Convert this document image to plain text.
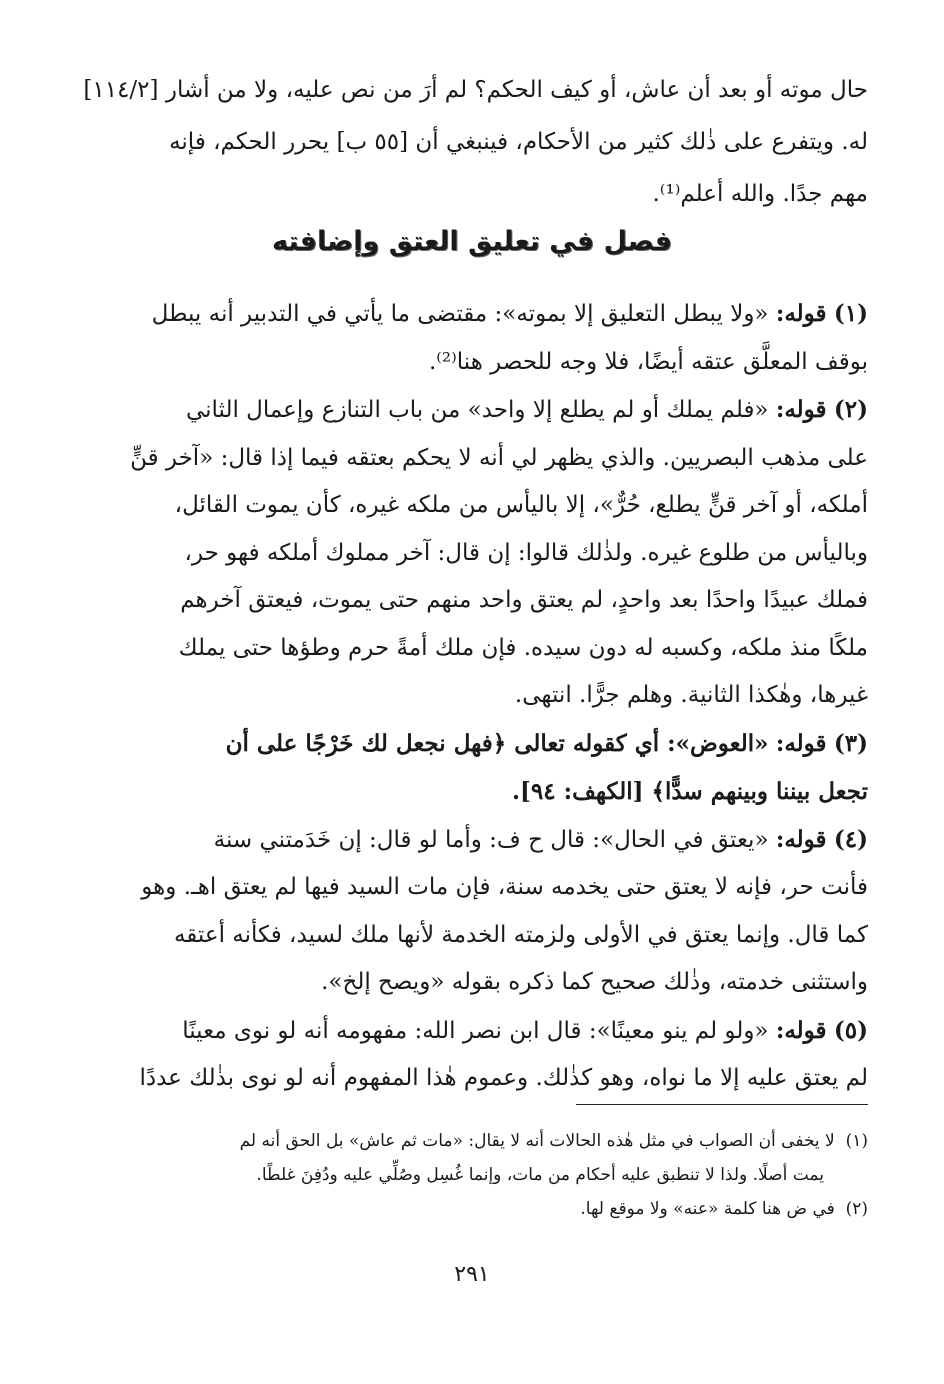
حال موته أو بعد أن عاش، أو كيف الحكم؟ لم أرَ من نص عليه، ولا من أشار [١١٤/٢]
له. ويتفرع على ذٰلك كثير من الأحكام، فينبغي أن [٥٥ ب] يحرر الحكم، فإنه
مهم جدًا. والله أعلم⁽¹⁾.
فصل في تعليق العتق وإضافته
(١) قوله: «ولا يبطل التعليق إلا بموته»: مقتضى ما يأتي في التدبير أنه يبطل
بوقف المعلَّق عتقه أيضًا، فلا وجه للحصر هنا⁽²⁾.
(٢) قوله: «فلم يملك أو لم يطلع إلا واحد» من باب التنازع وإعمال الثاني
على مذهب البصريين. والذي يظهر لي أنه لا يحكم بعتقه فيما إذا قال: «آخر قنٍّ
أملكه، أو آخر قنٍّ يطلع، حُرٌّ»، إلا باليأس من ملكه غيره، كأن يموت القائل،
وباليأس من طلوع غيره. ولذٰلك قالوا: إن قال: آخر مملوك أملكه فهو حر،
فملك عبيدًا واحدًا بعد واحدٍ، لم يعتق واحد منهم حتى يموت، فيعتق آخرهم
ملكًا منذ ملكه، وكسبه له دون سيده. فإن ملك أمةً حرم وطؤها حتى يملك
غيرها، وهٰكذا الثانية. وهلم جرًّا. انتهى.
(٣) قوله: «العوض»: أي كقوله تعالى ﴿فهل نجعل لك خَرْجًا على أن
تجعل بيننا وبينهم سدًّا﴾ [الكهف: ٩٤].
(٤) قوله: «يعتق في الحال»: قال ح ف: وأما لو قال: إن خَدَمتني سنة
فأنت حر، فإنه لا يعتق حتى يخدمه سنة، فإن مات السيد فيها لم يعتق اهـ. وهو
كما قال. وإنما يعتق في الأولى ولزمته الخدمة لأنها ملك لسيد، فكأنه أعتقه
واستثنى خدمته، وذٰلك صحيح كما ذكره بقوله «ويصح إلخ».
(٥) قوله: «ولو لم ينو معينًا»: قال ابن نصر الله: مفهومه أنه لو نوى معينًا
لم يعتق عليه إلا ما نواه، وهو كذٰلك. وعموم هٰذا المفهوم أنه لو نوى بذٰلك عددًا
(١)  لا يخفى أن الصواب في مثل هٰذه الحالات أنه لا يقال: «مات ثم عاش» بل الحق أنه لم
يمت أصلًا. ولذا لا تنطبق عليه أحكام من مات، وإنما غُسِل وصُلِّي عليه ودُفِنَ غلطًا.
(٢)  في ض هنا كلمة «عنه» ولا موقع لها.
٢٩١
